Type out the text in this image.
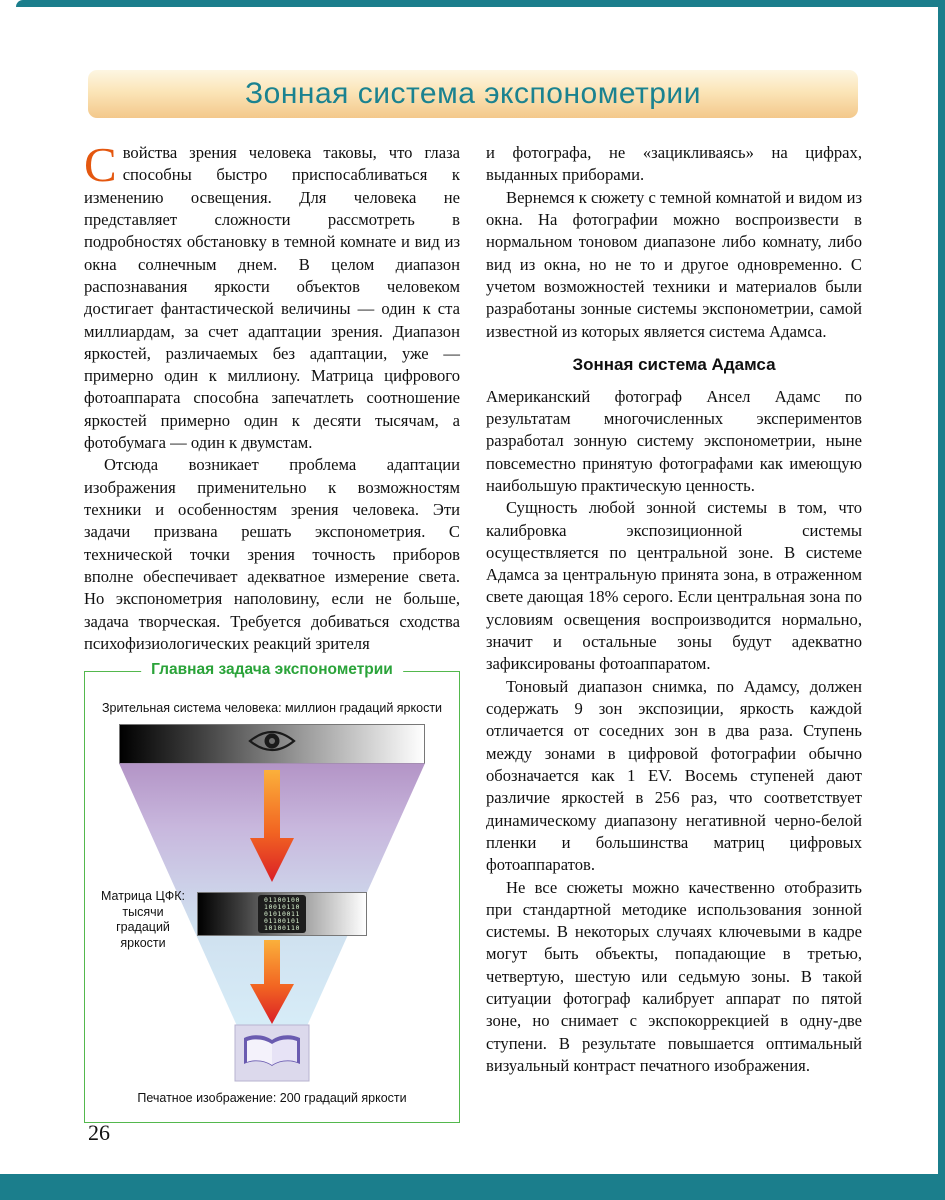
Зонная система экспонометрии

Свойства зрения человека таковы, что глаза способны быстро приспосабливаться к изменению освещения. Для человека не представляет сложности рассмотреть в подробностях обстановку в темной комнате и вид из окна солнечным днем. В целом диапазон распознавания яркости объектов человеком достигает фантастической величины — один к ста миллиардам, за счет адаптации зрения. Диапазон яркостей, различаемых без адаптации, уже — примерно один к миллиону. Матрица цифрового фотоаппарата способна запечатлеть соотношение яркостей примерно один к десяти тысячам, а фотобумага — один к двумстам.

Отсюда возникает проблема адаптации изображения применительно к возможностям техники и особенностям зрения человека. Эти задачи призвана решать экспонометрия. С технической точки зрения точность приборов вполне обеспечивает адекватное измерение света. Но экспонометрия наполовину, если не больше, задача творческая. Требуется добиваться сходства психофизиологических реакций зрителя

Главная задача экспонометрии
Зрительная система человека: миллион градаций яркости
Матрица ЦФК:
тысячи
градаций
яркости
01100100
10010110
01010011
01100101
10100110
Печатное изображение: 200 градаций яркости

и фотографа, не «зацикливаясь» на цифрах, выданных приборами.

Вернемся к сюжету с темной комнатой и видом из окна. На фотографии можно воспроизвести в нормальном тоновом диапазоне либо комнату, либо вид из окна, но не то и другое одновременно. С учетом возможностей техники и материалов были разработаны зонные системы экспонометрии, самой известной из которых является система Адамса.

Зонная система Адамса

Американский фотограф Ансел Адамс по результатам многочисленных экспериментов разработал зонную систему экспонометрии, ныне повсеместно принятую фотографами как имеющую наибольшую практическую ценность.

Сущность любой зонной системы в том, что калибровка экспозиционной системы осуществляется по центральной зоне. В системе Адамса за центральную принята зона, в отраженном свете дающая 18% серого. Если центральная зона по условиям освещения воспроизводится нормально, значит и остальные зоны будут адекватно зафиксированы фотоаппаратом.

Тоновый диапазон снимка, по Адамсу, должен содержать 9 зон экспозиции, яркость каждой отличается от соседних зон в два раза. Ступень между зонами в цифровой фотографии обычно обозначается как 1 EV. Восемь ступеней дают различие яркостей в 256 раз, что соответствует динамическому диапазону негативной черно-белой пленки и большинства матриц цифровых фотоаппаратов.

Не все сюжеты можно качественно отобразить при стандартной методике использования зонной системы. В некоторых случаях ключевыми в кадре могут быть объекты, попадающие в третью, четвертую, шестую или седьмую зоны. В такой ситуации фотограф калибрует аппарат по пятой зоне, но снимает с экспокоррекцией в одну-две ступени. В результате повышается оптимальный визуальный контраст печатного изображения.

26
